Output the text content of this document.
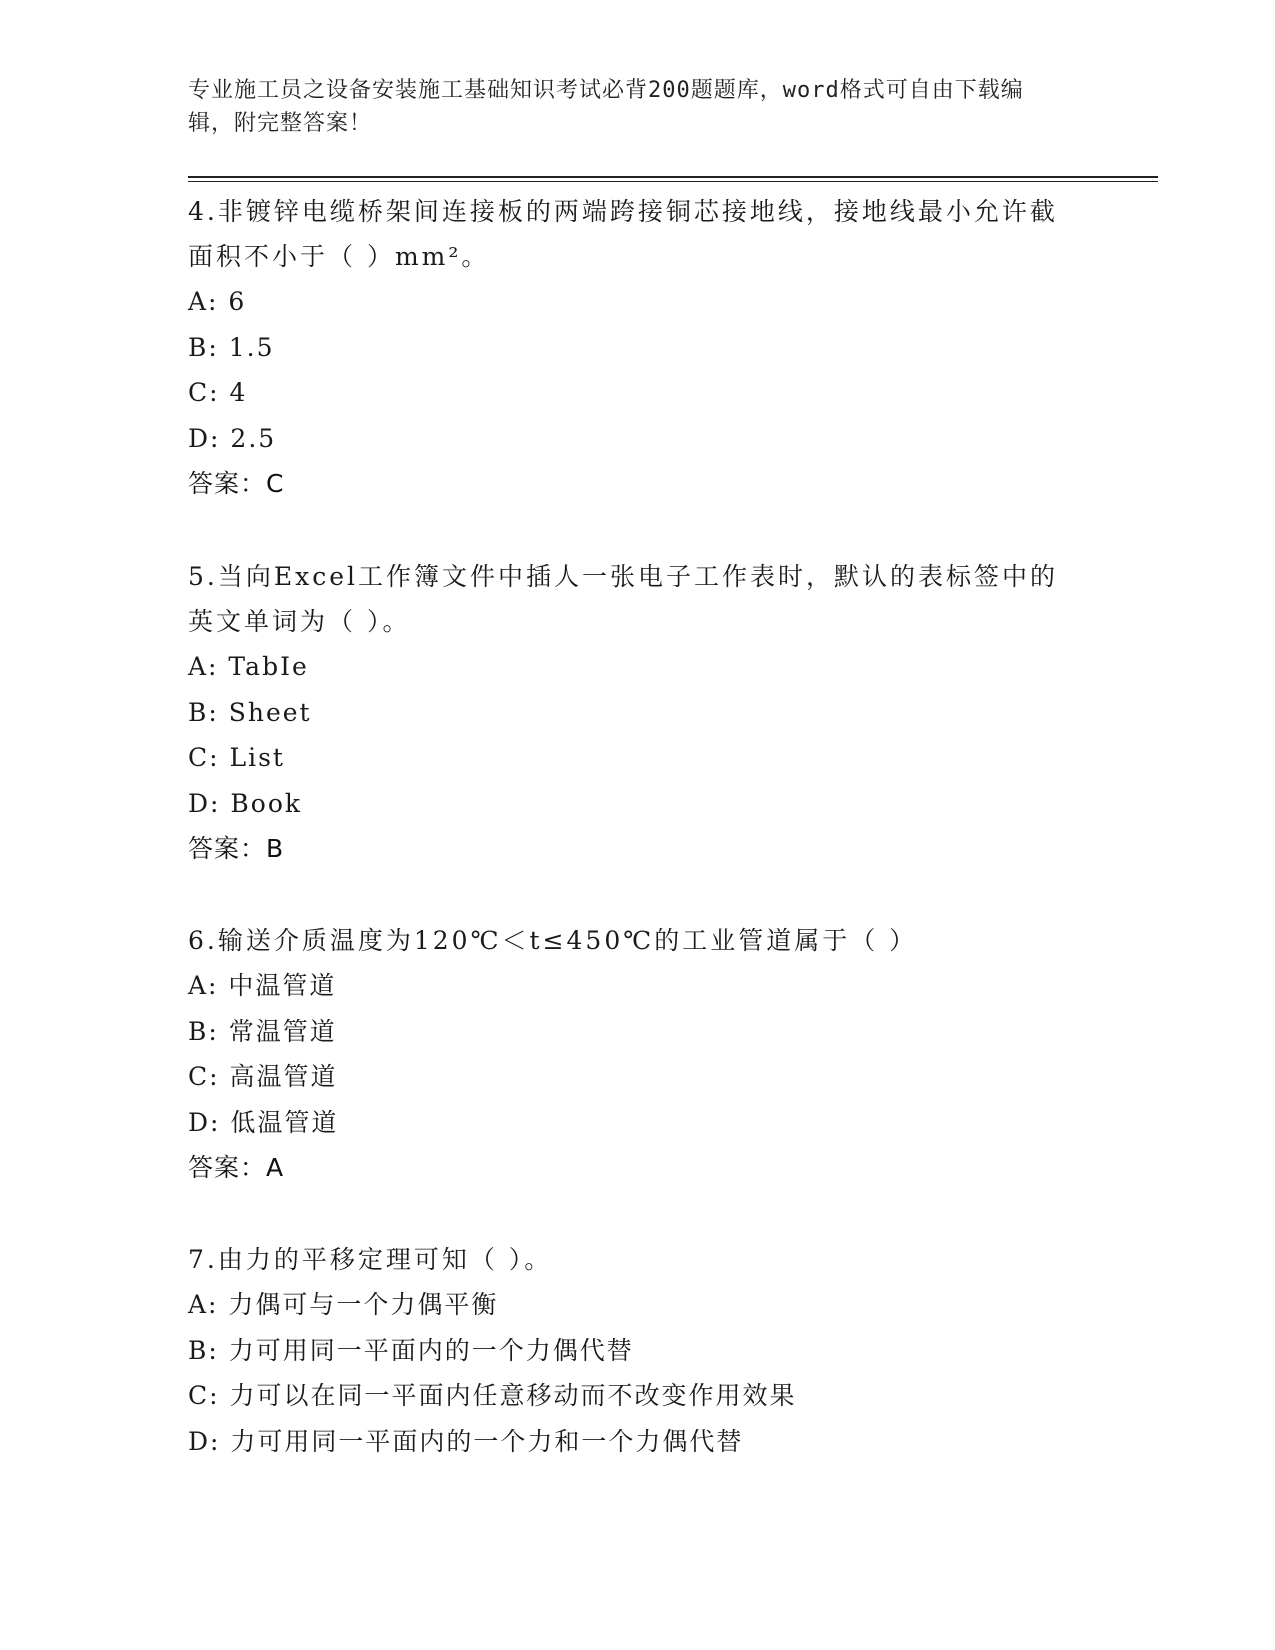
专业施工员之设备安装施工基础知识考试必背200题题库，word格式可自由下载编辑，附完整答案！
4.非镀锌电缆桥架间连接板的两端跨接铜芯接地线，接地线最小允许截面积不小于（ ）mm²。
A: 6
B: 1.5
C: 4
D: 2.5
答案：C
5.当向Excel工作簿文件中插人一张电子工作表时，默认的表标签中的英文单词为（ ）。
A: TabIe
B: Sheet
C: List
D: Book
答案：B
6.输送介质温度为120℃＜t≤450℃的工业管道属于（ ）
A: 中温管道
B: 常温管道
C: 高温管道
D: 低温管道
答案：A
7.由力的平移定理可知（ ）。
A: 力偶可与一个力偶平衡
B: 力可用同一平面内的一个力偶代替
C: 力可以在同一平面内任意移动而不改变作用效果
D: 力可用同一平面内的一个力和一个力偶代替
